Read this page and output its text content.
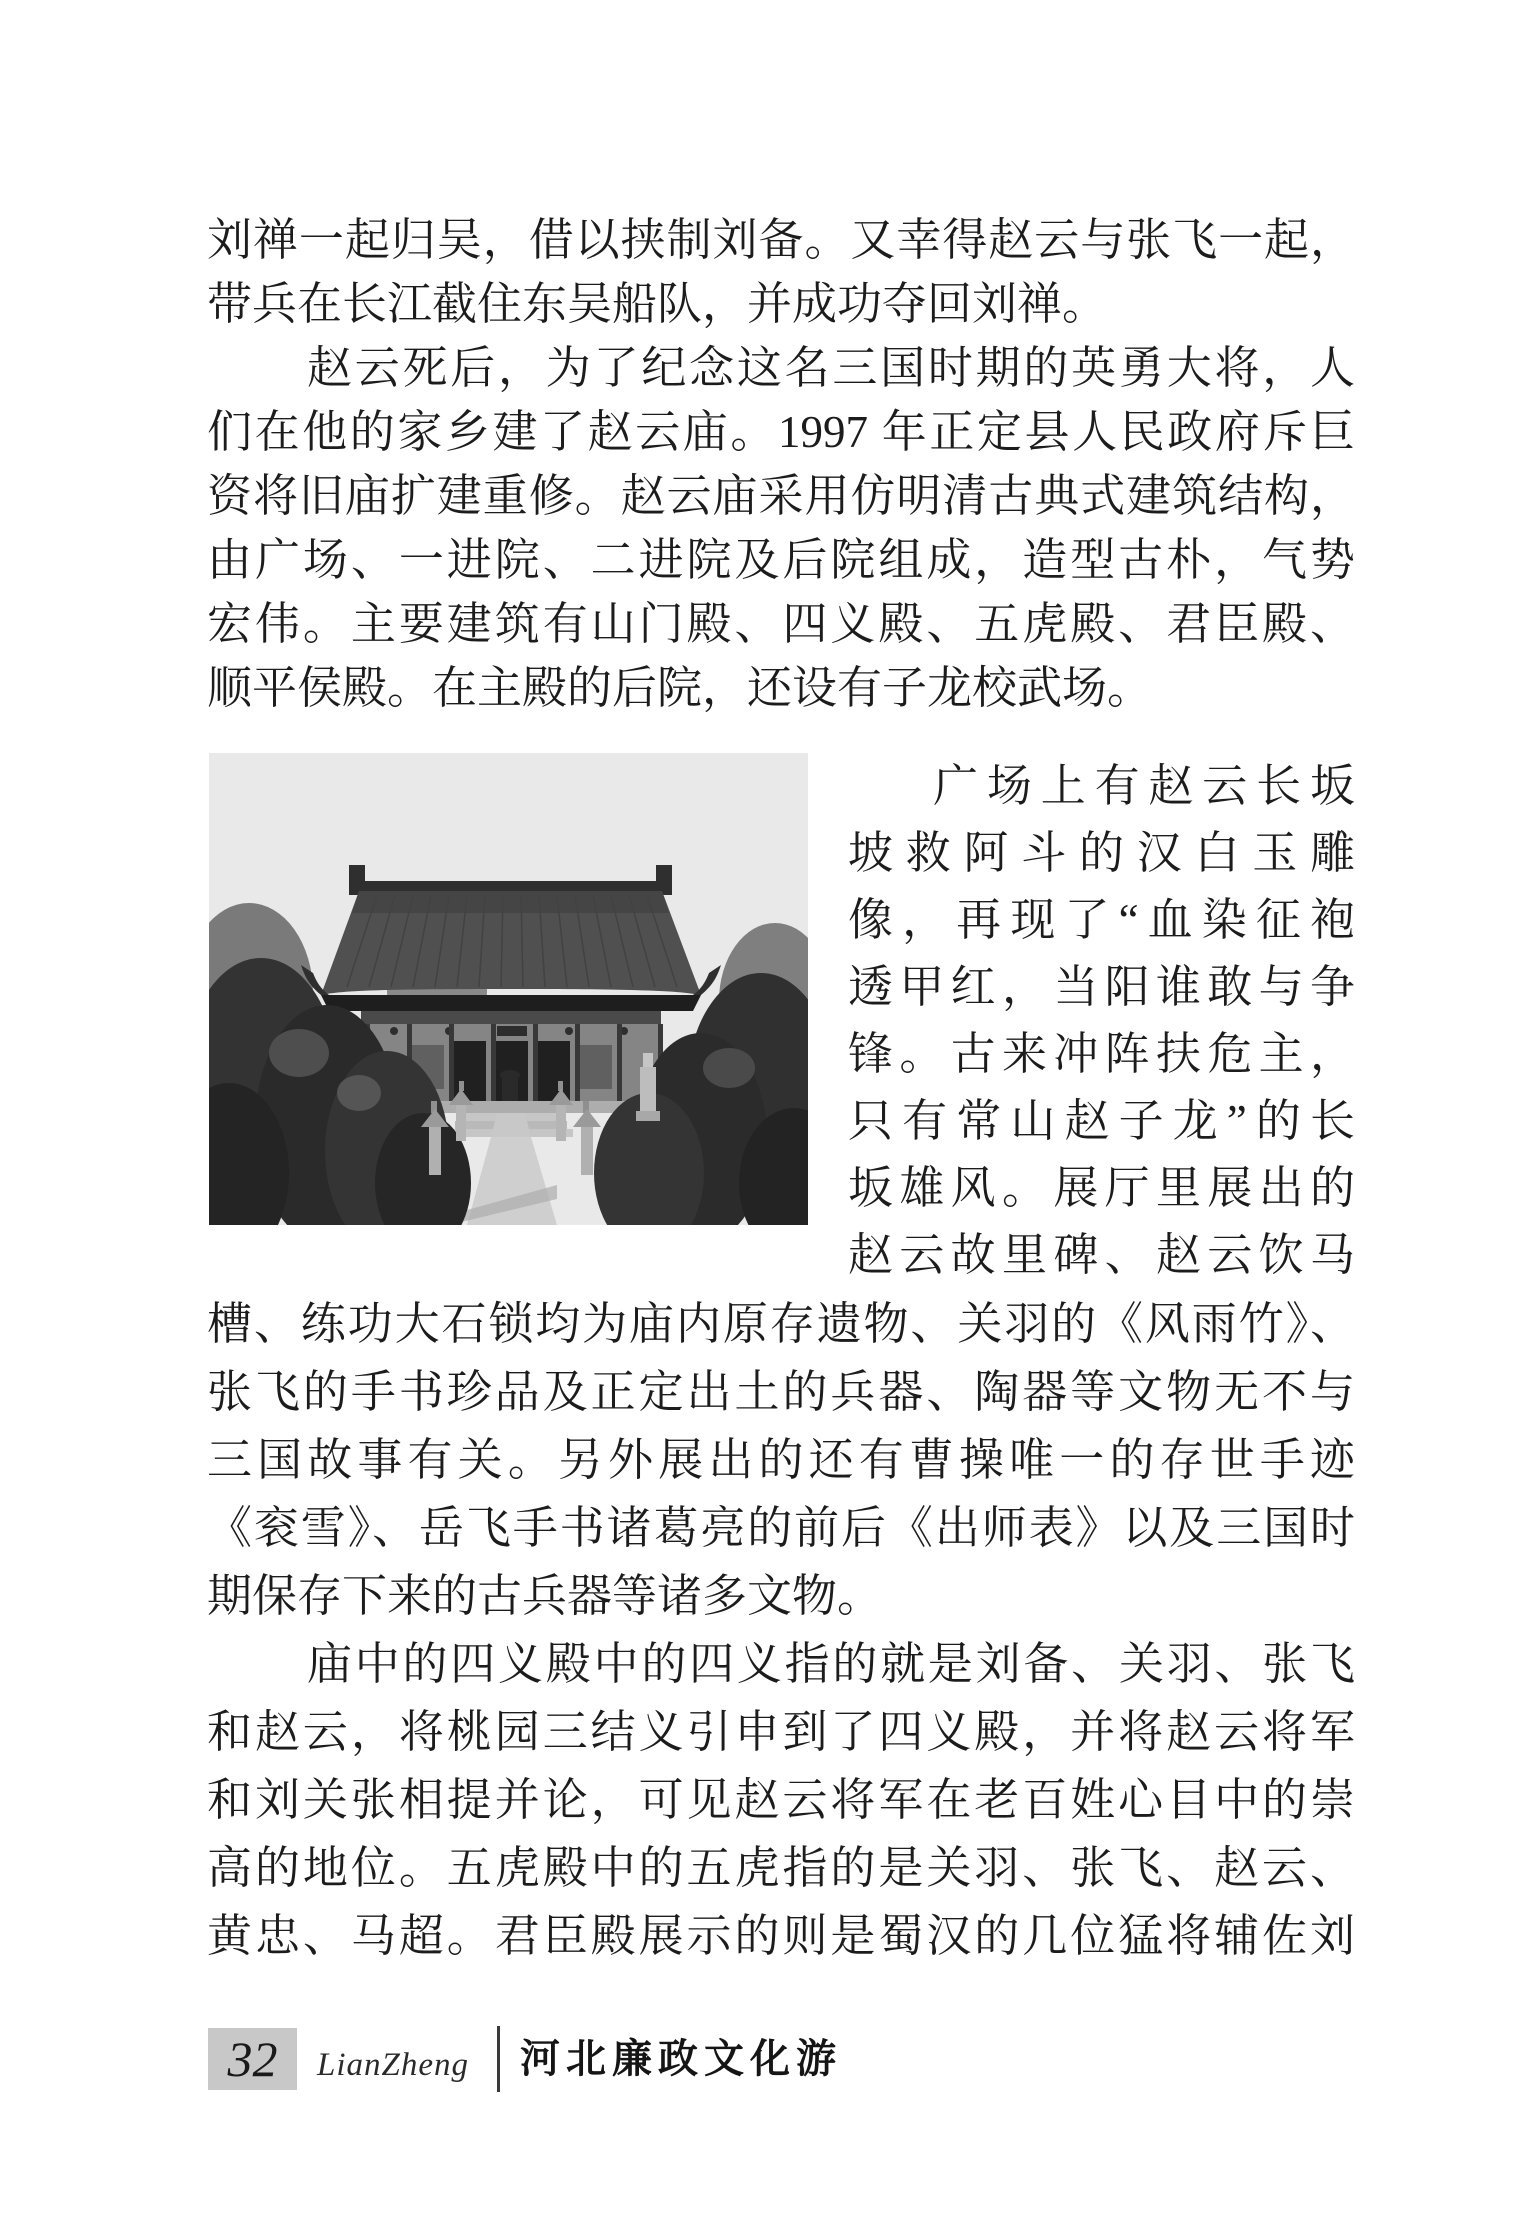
刘禅一起归吴，借以挟制刘备。又幸得赵云与张飞一起，
带兵在长江截住东吴船队，并成功夺回刘禅。
赵云死后，为了纪念这名三国时期的英勇大将，人
们在他的家乡建了赵云庙。1997 年正定县人民政府斥巨
资将旧庙扩建重修。赵云庙采用仿明清古典式建筑结构，
由广场、一进院、二进院及后院组成，造型古朴，气势
宏伟。主要建筑有山门殿、四义殿、五虎殿、君臣殿、
顺平侯殿。在主殿的后院，还设有子龙校武场。
广场上有赵云长坂
坡救阿斗的汉白玉雕
像，再现了“血染征袍
透甲红，当阳谁敢与争
锋。古来冲阵扶危主，
只有常山赵子龙”的长
坂雄风。展厅里展出的
赵云故里碑、赵云饮马
槽、练功大石锁均为庙内原存遗物、关羽的《风雨竹》、
张飞的手书珍品及正定出土的兵器、陶器等文物无不与
三国故事有关。另外展出的还有曹操唯一的存世手迹
《衮雪》、岳飞手书诸葛亮的前后《出师表》以及三国时
期保存下来的古兵器等诸多文物。
庙中的四义殿中的四义指的就是刘备、关羽、张飞
和赵云，将桃园三结义引申到了四义殿，并将赵云将军
和刘关张相提并论，可见赵云将军在老百姓心目中的崇
高的地位。五虎殿中的五虎指的是关羽、张飞、赵云、
黄忠、马超。君臣殿展示的则是蜀汉的几位猛将辅佐刘
32 LianZheng	河北廉政文化游
